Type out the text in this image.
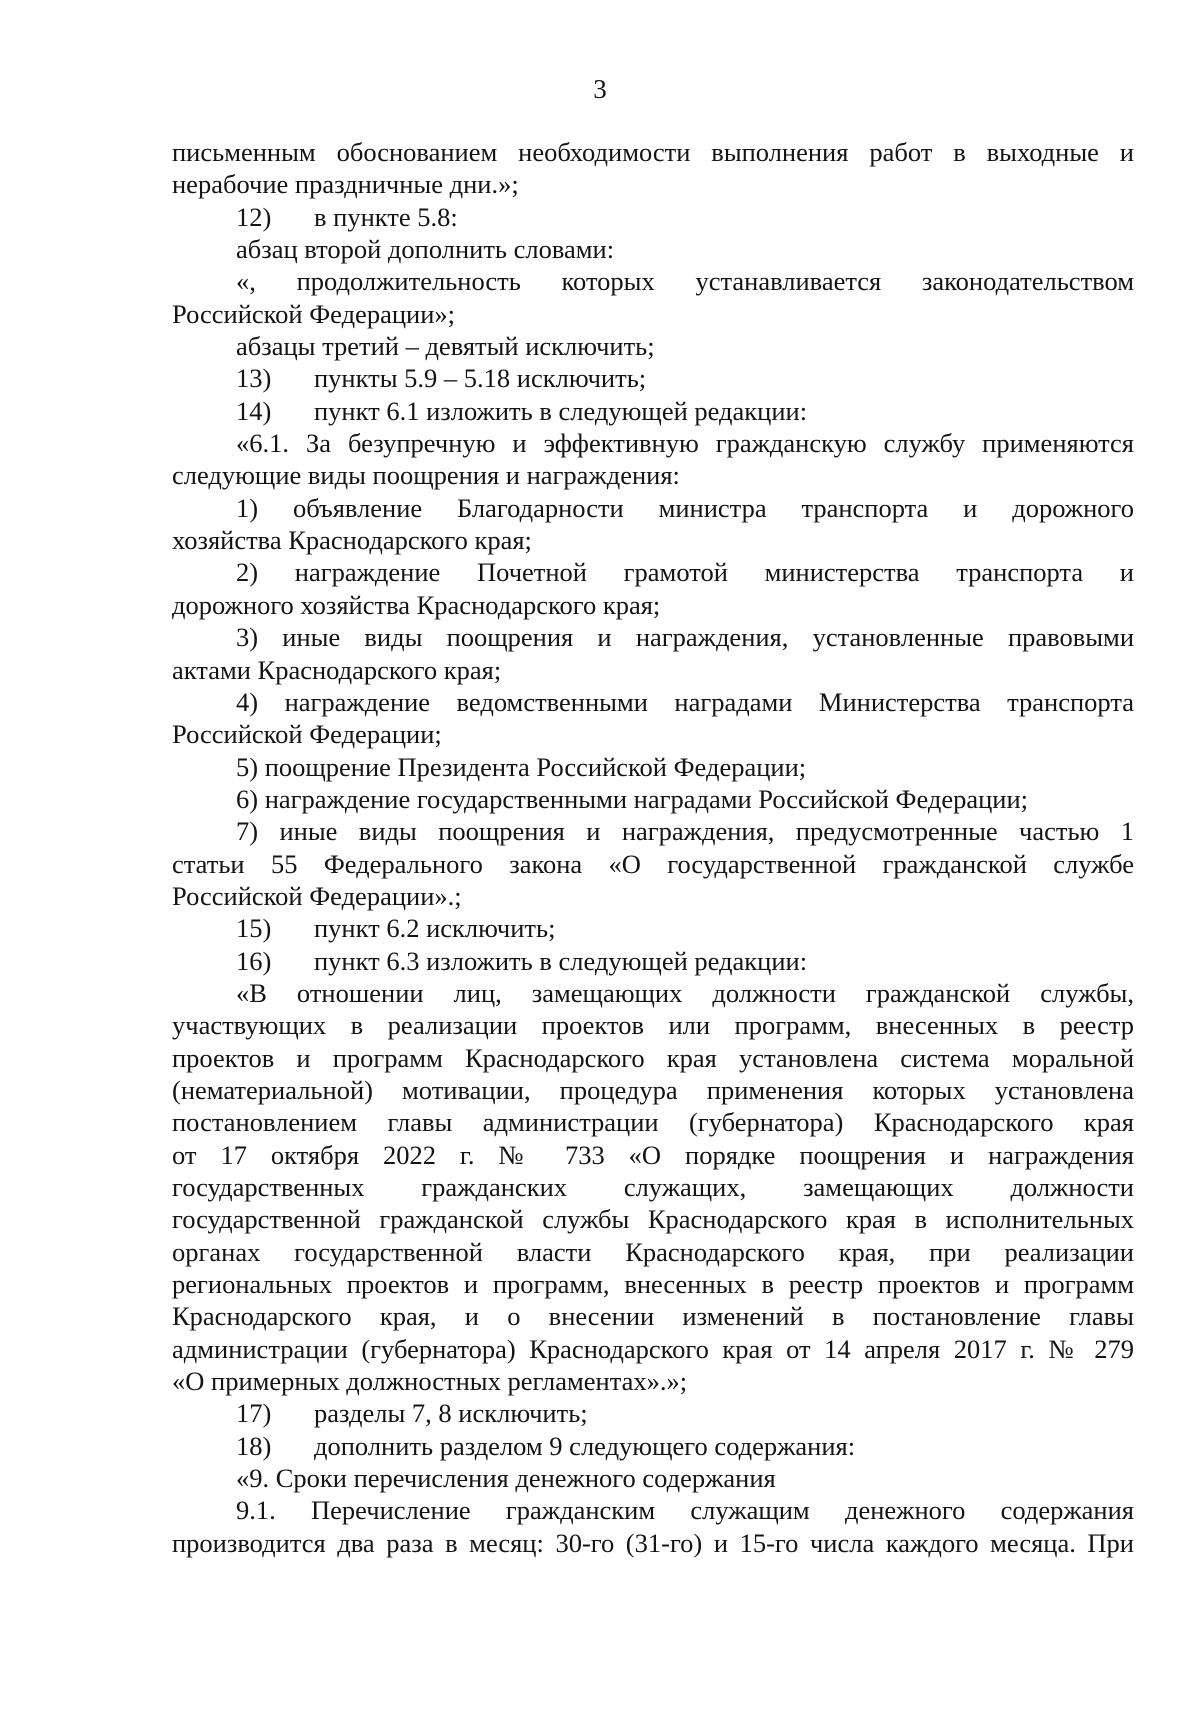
3
письменным обоснованием необходимости выполнения работ в выходные и
нерабочие праздничные дни.»;
12) в пункте 5.8:
абзац второй дополнить словами:
«, продолжительность которых устанавливается законодательством
Российской Федерации»;
абзацы третий – девятый исключить;
13) пункты 5.9 – 5.18 исключить;
14) пункт 6.1 изложить в следующей редакции:
«6.1. За безупречную и эффективную гражданскую службу применяются
следующие виды поощрения и награждения:
1) объявление Благодарности министра транспорта и дорожного
хозяйства Краснодарского края;
2) награждение Почетной грамотой министерства транспорта и
дорожного хозяйства Краснодарского края;
3) иные виды поощрения и награждения, установленные правовыми
актами Краснодарского края;
4) награждение ведомственными наградами Министерства транспорта
Российской Федерации;
5) поощрение Президента Российской Федерации;
6) награждение государственными наградами Российской Федерации;
7) иные виды поощрения и награждения, предусмотренные частью 1
статьи 55 Федерального закона «О государственной гражданской службе
Российской Федерации».;
15) пункт 6.2 исключить;
16) пункт 6.3 изложить в следующей редакции:
«В отношении лиц, замещающих должности гражданской службы,
участвующих в реализации проектов или программ, внесенных в реестр
проектов и программ Краснодарского края установлена система моральной
(нематериальной) мотивации, процедура применения которых установлена
постановлением главы администрации (губернатора) Краснодарского края
от 17 октября 2022 г. № 733 «О порядке поощрения и награждения
государственных гражданских служащих, замещающих должности
государственной гражданской службы Краснодарского края в исполнительных
органах государственной власти Краснодарского края, при реализации
региональных проектов и программ, внесенных в реестр проектов и программ
Краснодарского края, и о внесении изменений в постановление главы
администрации (губернатора) Краснодарского края от 14 апреля 2017 г. № 279
«О примерных должностных регламентах».»;
17) разделы 7, 8 исключить;
18) дополнить разделом 9 следующего содержания:
«9. Сроки перечисления денежного содержания
9.1. Перечисление гражданским служащим денежного содержания
производится два раза в месяц: 30-го (31-го) и 15-го числа каждого месяца. При
